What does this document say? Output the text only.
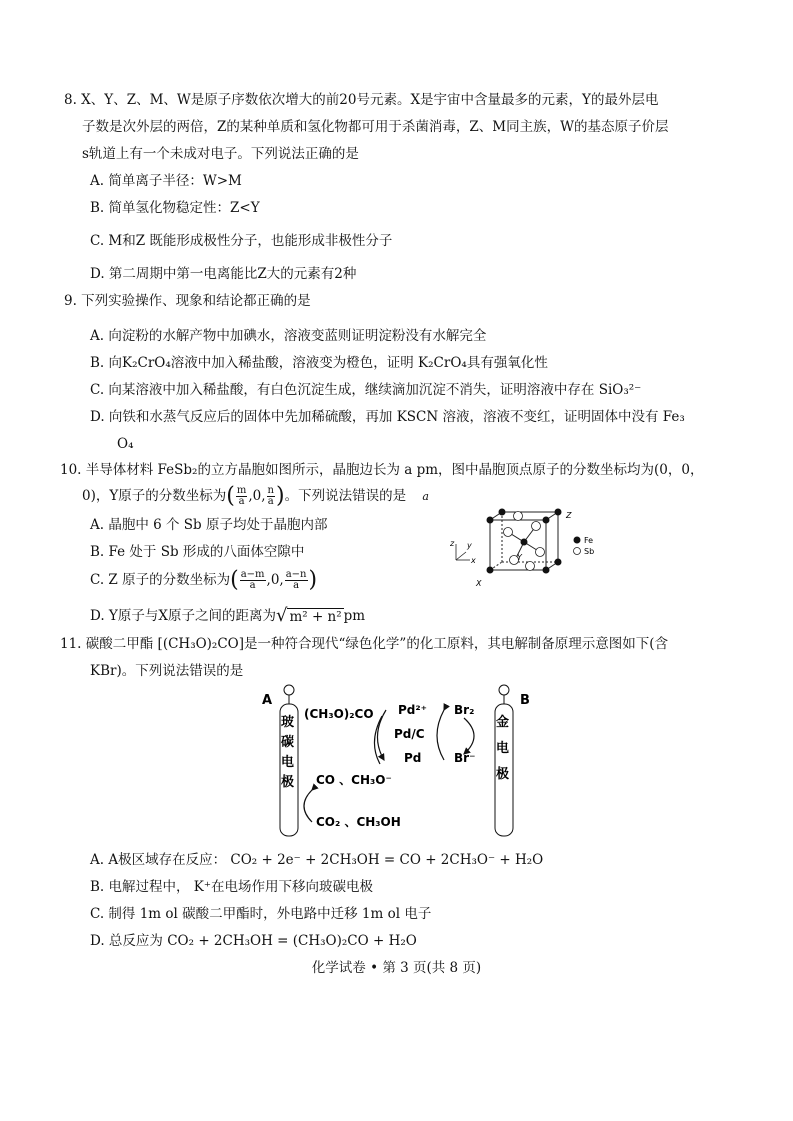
8. X、Y、Z、M、W是原子序数依次增大的前20号元素。X是宇宙中含量最多的元素，Y的最外层电
子数是次外层的两倍，Z的某种单质和氢化物都可用于杀菌消毒，Z、M同主族，W的基态原子价层
s轨道上有一个未成对电子。下列说法正确的是
A. 简单离子半径：W>M
B. 简单氢化物稳定性：Z<Y
C. M和Z 既能形成极性分子，也能形成非极性分子
D. 第二周期中第一电离能比Z大的元素有2种
9. 下列实验操作、现象和结论都正确的是
A. 向淀粉的水解产物中加碘水，溶液变蓝则证明淀粉没有水解完全
B. 向K₂CrO₄溶液中加入稀盐酸，溶液变为橙色，证明 K₂CrO₄具有强氧化性
C. 向某溶液中加入稀盐酸，有白色沉淀生成，继续滴加沉淀不消失，证明溶液中存在 SiO₃²⁻
D. 向铁和水蒸气反应后的固体中先加稀硫酸，再加 KSCN 溶液，溶液不变红，证明固体中没有 Fe₃
O₄
10. 半导体材料 FeSb₂的立方晶胞如图所示，晶胞边长为 a pm，图中晶胞顶点原子的分数坐标均为(0，0，
0)，Y原子的分数坐标为( $\frac{m}{a} ,0$, $\frac{n}{a}$ )。下列说法错误的是 a
A. 晶胞中 6 个 Sb 原子均处于晶胞内部
B. Fe 处于 Sb 形成的八面体空隙中
C. Z 原子的分数坐标为( $\frac{a-m}{a} ,0$, $\frac{a-n}{a}$ )
D. Y原子与X原子之间的距离为√ m² + n² pm
z y
x
Z
Y
X
Fe
Sb
11. 碳酸二甲酯 [(CH₃O)₂CO]是一种符合现代“绿色化学”的化工原料，其电解制备原理示意图如下(含
KBr)。下列说法错误的是
A	B
玻
碳
电
极
金
电
极
(CH₃O)₂CO
CO 、CH₃O⁻
CO₂ 、CH₃OH
Pd²⁺
Pd/C
Pd
Br₂
Br⁻
A. A极区域存在反应： CO₂ + 2e⁻ + 2CH₃OH = CO + 2CH₃O⁻ + H₂O
B. 电解过程中， K⁺在电场作用下移向玻碳电极
C. 制得 1m ol 碳酸二甲酯时，外电路中迁移 1m ol 电子
D. 总反应为 CO₂ + 2CH₃OH = (CH₃O)₂CO + H₂O
化学试卷 • 第 3 页(共 8 页)
